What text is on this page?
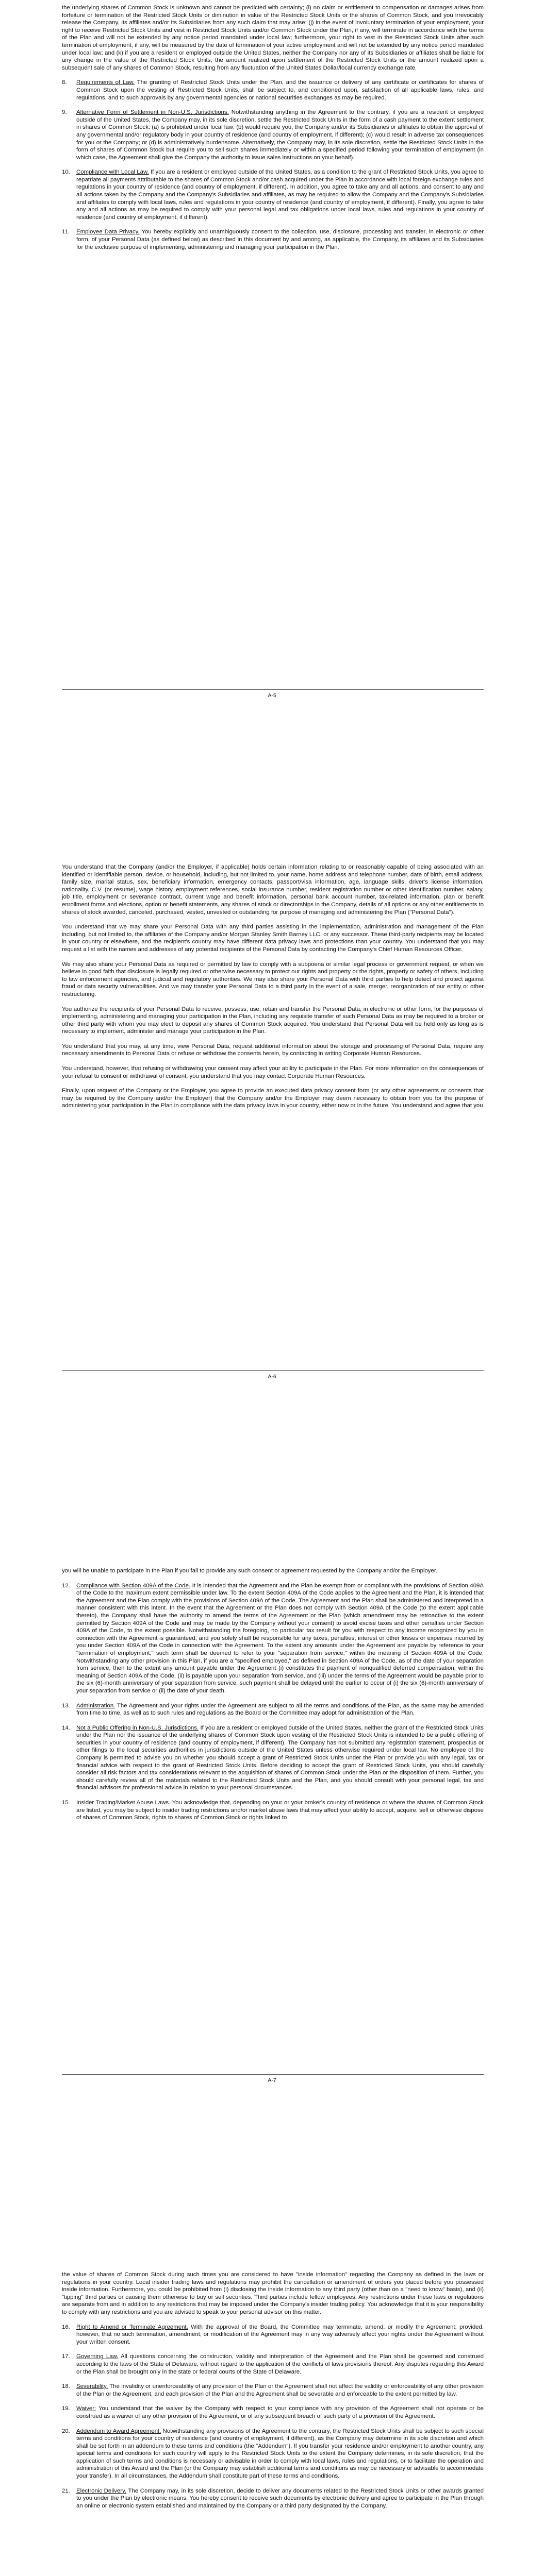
the underlying shares of Common Stock is unknown and cannot be predicted with certainty; (i) no claim or entitlement to compensation or damages arises from forfeiture or termination of the Restricted Stock Units or diminution in value of the Restricted Stock Units or the shares of Common Stock, and you irrevocably release the Company, its affiliates and/or its Subsidiaries from any such claim that may arise; (j) in the event of involuntary termination of your employment, your right to receive Restricted Stock Units and vest in Restricted Stock Units and/or Common Stock under the Plan, if any, will terminate in accordance with the terms of the Plan and will not be extended by any notice period mandated under local law; furthermore, your right to vest in the Restricted Stock Units after such termination of employment, if any, will be measured by the date of termination of your active employment and will not be extended by any notice period mandated under local law; and (k) if you are a resident or employed outside the United States, neither the Company nor any of its Subsidiaries or affiliates shall be liable for any change in the value of the Restricted Stock Units, the amount realized upon settlement of the Restricted Stock Units or the amount realized upon a subsequent sale of any shares of Common Stock, resulting from any fluctuation of the United States Dollar/local currency exchange rate.

8. Requirements of Law. The granting of Restricted Stock Units under the Plan, and the issuance or delivery of any certificate or certificates for shares of Common Stock upon the vesting of Restricted Stock Units, shall be subject to, and conditioned upon, satisfaction of all applicable laws, rules, and regulations, and to such approvals by any governmental agencies or national securities exchanges as may be required.
9. Alternative Form of Settlement in Non-U.S. Jurisdictions. Notwithstanding anything in the Agreement to the contrary, if you are a resident or employed outside of the United States, the Company may, in its sole discretion, settle the Restricted Stock Units in the form of a cash payment to the extent settlement in shares of Common Stock: (a) is prohibited under local law; (b) would require you, the Company and/or its Subsidiaries or affiliates to obtain the approval of any governmental and/or regulatory body in your country of residence (and country of employment, if different); (c) would result in adverse tax consequences for you or the Company; or (d) is administratively burdensome. Alternatively, the Company may, in its sole discretion, settle the Restricted Stock Units in the form of shares of Common Stock but require you to sell such shares immediately or within a specified period following your termination of employment (in which case, the Agreement shall give the Company the authority to issue sales instructions on your behalf).
10. Compliance with Local Law. If you are a resident or employed outside of the United States, as a condition to the grant of Restricted Stock Units, you agree to repatriate all payments attributable to the shares of Common Stock and/or cash acquired under the Plan in accordance with local foreign exchange rules and regulations in your country of residence (and country of employment, if different). In addition, you agree to take any and all actions, and consent to any and all actions taken by the Company and the Company's Subsidiaries and affiliates, as may be required to allow the Company and the Company's Subsidiaries and affiliates to comply with local laws, rules and regulations in your country of residence (and country of employment, if different). Finally, you agree to take any and all actions as may be required to comply with your personal legal and tax obligations under local laws, rules and regulations in your country of residence (and country of employment, if different).
11. Employee Data Privacy. You hereby explicitly and unambiguously consent to the collection, use, disclosure, processing and transfer, in electronic or other form, of your Personal Data (as defined below) as described in this document by and among, as applicable, the Company, its affiliates and its Subsidiaries for the exclusive purpose of implementing, administering and managing your participation in the Plan.
A-5

You understand that the Company (and/or the Employer, if applicable) holds certain information relating to or reasonably capable of being associated with an identified or identifiable person, device, or household, including, but not limited to, your name, home address and telephone number, date of birth, email address, family size, marital status, sex, beneficiary information, emergency contacts, passport/visa information, age, language skills, driver's license information, nationality, C.V. (or resume), wage history, employment references, social insurance number, resident registration number or other identification number, salary, job title, employment or severance contract, current wage and benefit information, personal bank account number, tax-related information, plan or benefit enrollment forms and elections, option or benefit statements, any shares of stock or directorships in the Company, details of all options or any other entitlements to shares of stock awarded, canceled, purchased, vested, unvested or outstanding for purpose of managing and administering the Plan ("Personal Data").

You understand that we may share your Personal Data with any third parties assisting in the implementation, administration and management of the Plan including, but not limited to, the affiliates of the Company and/or Morgan Stanley Smith Barney LLC, or any successor. These third-party recipients may be located in your country or elsewhere, and the recipient's country may have different data privacy laws and protections than your country. You understand that you may request a list with the names and addresses of any potential recipients of the Personal Data by contacting the Company's Chief Human Resources Officer.

We may also share your Personal Data as required or permitted by law to comply with a subpoena or similar legal process or government request, or when we believe in good faith that disclosure is legally required or otherwise necessary to protect our rights and property or the rights, property or safety of others, including to law enforcement agencies, and judicial and regulatory authorities. We may also share your Personal Data with third parties to help detect and protect against fraud or data security vulnerabilities. And we may transfer your Personal Data to a third party in the event of a sale, merger, reorganization of our entity or other restructuring.

You authorize the recipients of your Personal Data to receive, possess, use, retain and transfer the Personal Data, in electronic or other form, for the purposes of implementing, administering and managing your participation in the Plan, including any requisite transfer of such Personal Data as may be required to a broker or other third party with whom you may elect to deposit any shares of Common Stock acquired. You understand that Personal Data will be held only as long as is necessary to implement, administer and manage your participation in the Plan.

You understand that you may, at any time, view Personal Data, request additional information about the storage and processing of Personal Data, require any necessary amendments to Personal Data or refuse or withdraw the consents herein, by contacting in writing Corporate Human Resources.

You understand, however, that refusing or withdrawing your consent may affect your ability to participate in the Plan. For more information on the consequences of your refusal to consent or withdrawal of consent, you understand that you may contact Corporate Human Resources.

Finally, upon request of the Company or the Employer, you agree to provide an executed data privacy consent form (or any other agreements or consents that may be required by the Company and/or the Employer) that the Company and/or the Employer may deem necessary to obtain from you for the purpose of administering your participation in the Plan in compliance with the data privacy laws in your country, either now or in the future. You understand and agree that you

A-6

you will be unable to participate in the Plan if you fail to provide any such consent or agreement requested by the Company and/or the Employer.

12. Compliance with Section 409A of the Code. It is intended that the Agreement and the Plan be exempt from or compliant with the provisions of Section 409A of the Code to the maximum extent permissible under law. To the extent Section 409A of the Code applies to the Agreement and the Plan, it is intended that the Agreement and the Plan comply with the provisions of Section 409A of the Code. The Agreement and the Plan shall be administered and interpreted in a manner consistent with this intent. In the event that the Agreement or the Plan does not comply with Section 409A of the Code (to the extent applicable thereto), the Company shall have the authority to amend the terms of the Agreement or the Plan (which amendment may be retroactive to the extent permitted by Section 409A of the Code and may be made by the Company without your consent) to avoid excise taxes and other penalties under Section 409A of the Code, to the extent possible. Notwithstanding the foregoing, no particular tax result for you with respect to any income recognized by you in connection with the Agreement is guaranteed, and you solely shall be responsible for any taxes, penalties, interest or other losses or expenses incurred by you under Section 409A of the Code in connection with the Agreement. To the extent any amounts under the Agreement are payable by reference to your "termination of employment," such term shall be deemed to refer to your "separation from service," within the meaning of Section 409A of the Code. Notwithstanding any other provision in this Plan, if you are a "specified employee," as defined in Section 409A of the Code, as of the date of your separation from service, then to the extent any amount payable under the Agreement (i) constitutes the payment of nonqualified deferred compensation, within the meaning of Section 409A of the Code, (ii) is payable upon your separation from service, and (iii) under the terms of the Agreement would be payable prior to the six (6)-month anniversary of your separation from service, such payment shall be delayed until the earlier to occur of (i) the six (6)-month anniversary of your separation from service or (ii) the date of your death.
13. Administration. The Agreement and your rights under the Agreement are subject to all the terms and conditions of the Plan, as the same may be amended from time to time, as well as to such rules and regulations as the Board or the Committee may adopt for administration of the Plan.
14. Not a Public Offering in Non-U.S. Jurisdictions. If you are a resident or employed outside of the United States, neither the grant of the Restricted Stock Units under the Plan nor the issuance of the underlying shares of Common Stock upon vesting of the Restricted Stock Units is intended to be a public offering of securities in your country of residence (and country of employment, if different). The Company has not submitted any registration statement, prospectus or other filings to the local securities authorities in jurisdictions outside of the United States unless otherwise required under local law. No employee of the Company is permitted to advise you on whether you should accept a grant of Restricted Stock Units under the Plan or provide you with any legal, tax or financial advice with respect to the grant of Restricted Stock Units. Before deciding to accept the grant of Restricted Stock Units, you should carefully consider all risk factors and tax considerations relevant to the acquisition of shares of Common Stock under the Plan or the disposition of them. Further, you should carefully review all of the materials related to the Restricted Stock Units and the Plan, and you should consult with your personal legal, tax and financial advisors for professional advice in relation to your personal circumstances.
15. Insider Trading/Market Abuse Laws. You acknowledge that, depending on your or your broker's country of residence or where the shares of Common Stock are listed, you may be subject to insider trading restrictions and/or market abuse laws that may affect your ability to accept, acquire, sell or otherwise dispose of shares of Common Stock, rights to shares of Common Stock or rights linked to
A-7

the value of shares of Common Stock during such times you are considered to have "inside information" regarding the Company as defined in the laws or regulations in your country. Local insider trading laws and regulations may prohibit the cancellation or amendment of orders you placed before you possessed inside information. Furthermore, you could be prohibited from (i) disclosing the inside information to any third party (other than on a "need to know" basis), and (ii) "tipping" third parties or causing them otherwise to buy or sell securities. Third parties include fellow employees. Any restrictions under these laws or regulations are separate from and in addition to any restrictions that may be imposed under the Company's insider trading policy. You acknowledge that it is your responsibility to comply with any restrictions and you are advised to speak to your personal advisor on this matter.

16. Right to Amend or Terminate Agreement. With the approval of the Board, the Committee may terminate, amend, or modify the Agreement; provided, however, that no such termination, amendment, or modification of the Agreement may in any way adversely affect your rights under the Agreement without your written consent.
17. Governing Law. All questions concerning the construction, validity and interpretation of the Agreement and the Plan shall be governed and construed according to the laws of the State of Delaware, without regard to the application of the conflicts of laws provisions thereof. Any disputes regarding this Award or the Plan shall be brought only in the state or federal courts of the State of Delaware.
18. Severability. The invalidity or unenforceability of any provision of the Plan or the Agreement shall not affect the validity or enforceability of any other provision of the Plan or the Agreement, and each provision of the Plan and the Agreement shall be severable and enforceable to the extent permitted by law.
19. Waiver: You understand that the waiver by the Company with respect to your compliance with any provision of the Agreement shall not operate or be construed as a waiver of any other provision of the Agreement, or of any subsequent breach of such party of a provision of the Agreement.
20. Addendum to Award Agreement. Notwithstanding any provisions of the Agreement to the contrary, the Restricted Stock Units shall be subject to such special terms and conditions for your country of residence (and country of employment, if different), as the Company may determine in its sole discretion and which shall be set forth in an addendum to these terms and conditions (the "Addendum"). If you transfer your residence and/or employment to another country, any special terms and conditions for such country will apply to the Restricted Stock Units to the extent the Company determines, in its sole discretion, that the application of such terms and conditions is necessary or advisable in order to comply with local laws, rules and regulations, or to facilitate the operation and administration of this Award and the Plan (or the Company may establish additional terms and conditions as may be necessary or advisable to accommodate your transfer). In all circumstances, the Addendum shall constitute part of these terms and conditions.
21. Electronic Delivery. The Company may, in its sole discretion, decide to deliver any documents related to the Restricted Stock Units or other awards granted to you under the Plan by electronic means. You hereby consent to receive such documents by electronic delivery and agree to participate in the Plan through an online or electronic system established and maintained by the Company or a third party designated by the Company.
